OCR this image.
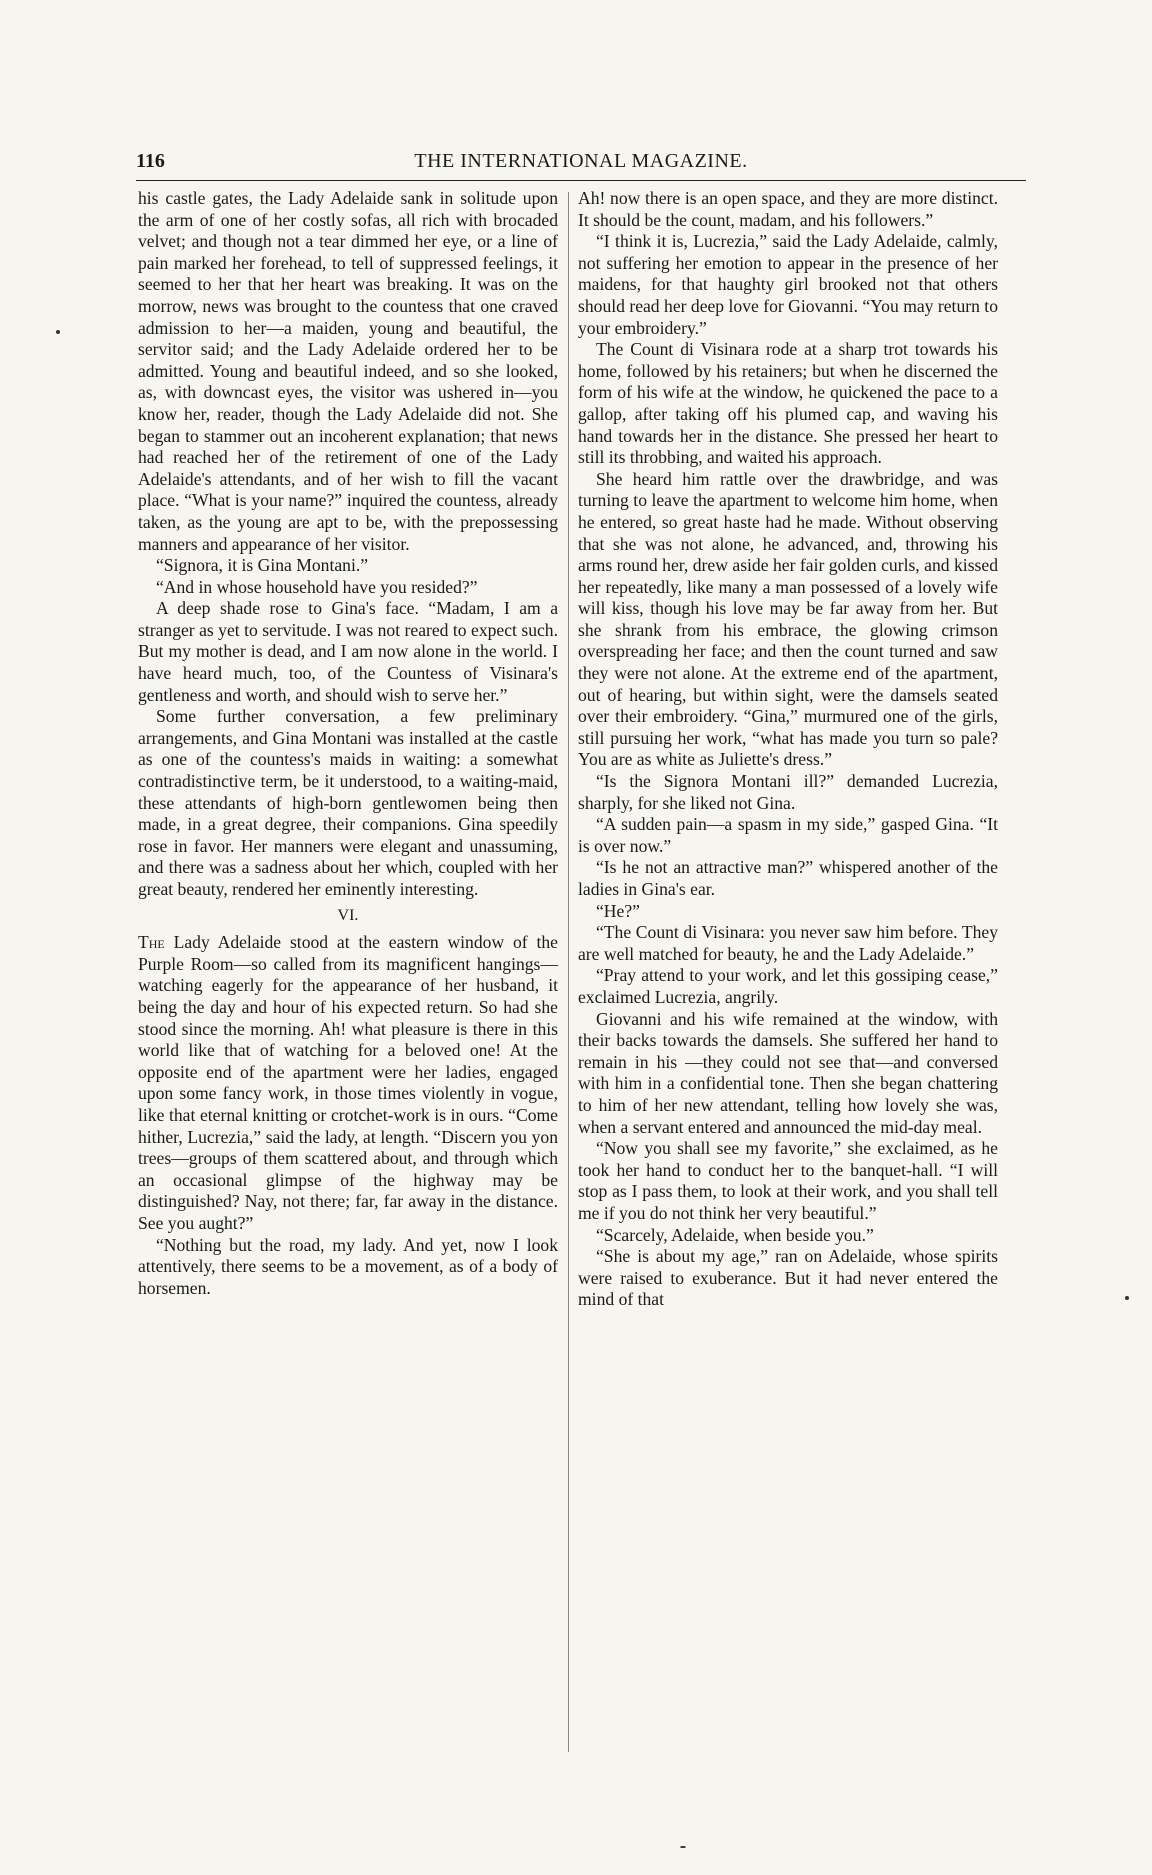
116	THE INTERNATIONAL MAGAZINE.

his castle gates, the Lady Adelaide sank in solitude upon the arm of one of her costly sofas, all rich with brocaded velvet; and though not a tear dimmed her eye, or a line of pain marked her forehead, to tell of suppressed feelings, it seemed to her that her heart was breaking. It was on the morrow, news was brought to the countess that one craved admission to her—a maiden, young and beautiful, the servitor said; and the Lady Adelaide ordered her to be admitted. Young and beautiful indeed, and so she looked, as, with downcast eyes, the visitor was ushered in—you know her, reader, though the Lady Adelaide did not. She began to stammer out an incoherent explanation; that news had reached her of the retirement of one of the Lady Adelaide's attendants, and of her wish to fill the vacant place. “What is your name?” inquired the countess, already taken, as the young are apt to be, with the prepossessing manners and appearance of her visitor.

“Signora, it is Gina Montani.”

“And in whose household have you resided?”

A deep shade rose to Gina's face. “Madam, I am a stranger as yet to servitude. I was not reared to expect such. But my mother is dead, and I am now alone in the world. I have heard much, too, of the Countess of Visinara's gentleness and worth, and should wish to serve her.”

Some further conversation, a few preliminary arrangements, and Gina Montani was installed at the castle as one of the countess's maids in waiting: a somewhat contradistinctive term, be it understood, to a waiting-maid, these attendants of high-born gentlewomen being then made, in a great degree, their companions. Gina speedily rose in favor. Her manners were elegant and unassuming, and there was a sadness about her which, coupled with her great beauty, rendered her eminently interesting.

VI.

The Lady Adelaide stood at the eastern window of the Purple Room—so called from its magnificent hangings—watching eagerly for the appearance of her husband, it being the day and hour of his expected return. So had she stood since the morning. Ah! what pleasure is there in this world like that of watching for a beloved one! At the opposite end of the apartment were her ladies, engaged upon some fancy work, in those times violently in vogue, like that eternal knitting or crotchet-work is in ours. “Come hither, Lucrezia,” said the lady, at length. “Discern you yon trees—groups of them scattered about, and through which an occasional glimpse of the highway may be distinguished? Nay, not there; far, far away in the distance. See you aught?”

“Nothing but the road, my lady. And yet, now I look attentively, there seems to be a movement, as of a body of horsemen.

Ah! now there is an open space, and they are more distinct. It should be the count, madam, and his followers.”

“I think it is, Lucrezia,” said the Lady Adelaide, calmly, not suffering her emotion to appear in the presence of her maidens, for that haughty girl brooked not that others should read her deep love for Giovanni. “You may return to your embroidery.”

The Count di Visinara rode at a sharp trot towards his home, followed by his retainers; but when he discerned the form of his wife at the window, he quickened the pace to a gallop, after taking off his plumed cap, and waving his hand towards her in the distance. She pressed her heart to still its throbbing, and waited his approach.

She heard him rattle over the drawbridge, and was turning to leave the apartment to welcome him home, when he entered, so great haste had he made. Without observing that she was not alone, he advanced, and, throwing his arms round her, drew aside her fair golden curls, and kissed her repeatedly, like many a man possessed of a lovely wife will kiss, though his love may be far away from her. But she shrank from his embrace, the glowing crimson overspreading her face; and then the count turned and saw they were not alone. At the extreme end of the apartment, out of hearing, but within sight, were the damsels seated over their embroidery. “Gina,” murmured one of the girls, still pursuing her work, “what has made you turn so pale? You are as white as Juliette's dress.”

“Is the Signora Montani ill?” demanded Lucrezia, sharply, for she liked not Gina.

“A sudden pain—a spasm in my side,” gasped Gina. “It is over now.”

“Is he not an attractive man?” whispered another of the ladies in Gina's ear.

“He?”

“The Count di Visinara: you never saw him before. They are well matched for beauty, he and the Lady Adelaide.”

“Pray attend to your work, and let this gossiping cease,” exclaimed Lucrezia, angrily.

Giovanni and his wife remained at the window, with their backs towards the damsels. She suffered her hand to remain in his —they could not see that—and conversed with him in a confidential tone. Then she began chattering to him of her new attendant, telling how lovely she was, when a servant entered and announced the mid-day meal.

“Now you shall see my favorite,” she exclaimed, as he took her hand to conduct her to the banquet-hall. “I will stop as I pass them, to look at their work, and you shall tell me if you do not think her very beautiful.”

“Scarcely, Adelaide, when beside you.”

“She is about my age,” ran on Adelaide, whose spirits were raised to exuberance. But it had never entered the mind of that
